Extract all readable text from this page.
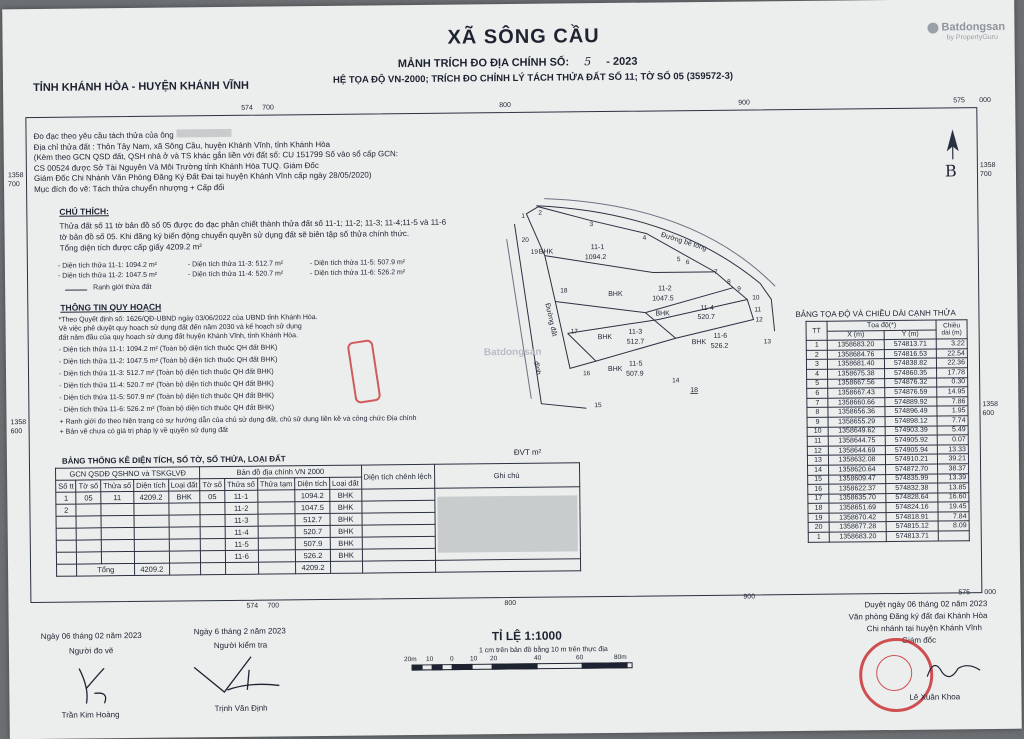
XÃ SÔNG CẦU
MẢNH TRÍCH ĐO ĐỊA CHÍNH SỐ: 5 - 2023
HỆ TỌA ĐỘ VN-2000; TRÍCH ĐO CHỈNH LÝ TÁCH THỬA ĐẤT SỐ 11; TỜ SỐ 05 (359572-3)
TỈNH KHÁNH HÒA - HUYỆN KHÁNH VĨNH
Batdongsan
by PropertyGuru
574 700	800	900	575 000
1358
700
1358
600
1358
700
1358
600
574 700	800
900
575 000
Đo đạc theo yêu cầu tách thửa của ông
Địa chỉ thửa đất : Thôn Tây Nam, xã Sông Cầu, huyện Khánh Vĩnh, tỉnh Khánh Hòa
(Kèm theo GCN QSD đất, QSH nhà ở và TS khác gắn liền với đất số: CU 151799 Số vào sổ cấp GCN:
CS 00524 được Sở Tài Nguyên Và Môi Trường tỉnh Khánh Hòa TUQ. Giám Đốc
Giám Đốc Chi Nhánh Văn Phòng Đăng Ký Đất Đai tại huyện Khánh Vĩnh cấp ngày 28/05/2020)
Mục đích đo vẽ: Tách thửa chuyển nhượng + Cấp đổi
CHÚ THÍCH:
Thửa đất số 11 tờ bản đồ số 05 được đo đạc phân chiết thành thửa đất số 11-1; 11-2; 11-3; 11-4;11-5 và 11-6
tờ bản đồ số 05. Khi đăng ký biến động chuyển quyền sử dụng đất sẽ biên tập số thửa chính thức.
Tổng diện tích được cấp giấy 4209.2 m²
- Diện tích thửa 11-1: 1094.2 m²	- Diện tích thửa 11-3: 512.7 m²	- Diện tích thửa 11-5: 507.9 m²
- Diện tích thửa 11-2: 1047.5 m²	- Diện tích thửa 11-4: 520.7 m²	- Diện tích thửa 11-6: 526.2 m²
Ranh giới thửa đất
THÔNG TIN QUY HOẠCH
*Theo Quyết định số: 1626/QĐ-UBND ngày 03/06/2022 của UBND tỉnh Khánh Hòa.
Về việc phê duyệt quy hoạch sử dụng đất đến năm 2030 và kế hoạch sử dụng
đất năm đầu của quy hoạch sử dụng đất huyện Khánh Vĩnh, tỉnh Khánh Hòa.
- Diện tích thửa 11-1: 1094.2 m² (Toàn bộ diện tích thuộc QH đất BHK)
- Diện tích thửa 11-2: 1047.5 m² (Toàn bộ diện tích thuộc QH đất BHK)
- Diện tích thửa 11-3: 512.7 m² (Toàn bộ diện tích thuộc QH đất BHK)
- Diện tích thửa 11-4: 520.7 m² (Toàn bộ diện tích thuộc QH đất BHK)
- Diện tích thửa 11-5: 507.9 m² (Toàn bộ diện tích thuộc QH đất BHK)
- Diện tích thửa 11-6: 526.2 m² (Toàn bộ diện tích thuộc QH đất BHK)
+ Ranh giới đo theo hiện trạng có sự hướng dẫn của chủ sử dụng đất, chủ sử dụng liền kề và công chức Địa chính
+ Bản vẽ chưa có giá trị pháp lý về quyền sử dụng đất
BẢNG THỐNG KÊ DIỆN TÍCH, SỐ TỜ, SỐ THỬA, LOẠI ĐẤT
ĐVT m²
GCN QSDĐ QSHNO và TSKGLVĐ					Bản đồ địa chính VN 2000					Diện tích chênh lệch	Ghi chú
Số tt	Tờ số	Thửa số	Diện tích	Loại đất	Tờ số	Thửa số	Thửa tạm	Diện tích	Loại đất		
1	05	11	4209.2	BHK	05	11-1		1094.2	BHK		

2						11-2		1047.5	BHK		
						11-3		512.7	BHK		
						11-4		520.7	BHK		
						11-5		507.9	BHK		
						11-6		526.2	BHK		
	Tổng		4209.2					4209.2			
B
BHK
11-1
1094.2
BHK
11-2
1047.5
BHK
11-3
512.7
BHK
11-4
520.7
BHK
11-5
507.9
BHK
11-6
526.2
Đường bê tông
Đường đất
đình
18
1 2
3
4
5 6
7
8
9
10
11
12
13
14
15
16
17
18
19
20
Batdongsan
BẢNG TỌA ĐỘ VÀ CHIỀU DÀI CẠNH THỬA
TT	Tọa độ(*)		Chiều dài (m)
	X (m)	Y (m)	
1	1358683.20	574813.71	3.22
2	1358684.76	574816.53	22.54
3	1358681.40	574838.82	22.36
4	1358675.38	574860.35	17.78
5	1358667.56	574876.32	0.30
6	1358667.43	574876.59	14.95
7	1358660.66	574889.92	7.86
8	1358656.36	574896.49	1.95
9	1358655.29	574898.12	7.74
10	1358649.62	574903.39	5.49
11	1358644.75	574905.92	0.07
12	1358644.69	574905.94	13.33
13	1358632.08	574910.21	39.21
14	1358620.64	574872.70	38.37
15	1358609.47	574835.99	13.39
16	1358622.37	574832.38	13.85
17	1358635.70	574828.64	16.60
18	1358651.69	574824.16	19.45
19	1358670.42	574818.91	7.84
20	1358677.28	574815.12	8.09
1	1358683.20	574813.71	
TỈ LỆ 1:1000
1 cm trên bản đồ bằng 10 m trên thực địa
20m 10	0	10 20	40	60	80m
Ngày 06 tháng 02 năm 2023
Người đo vẽ
Trần Kim Hoàng
Ngày 6 tháng 2 năm 2023
Người kiểm tra
Trịnh Văn Định
Duyệt ngày 06 tháng 02 năm 2023
Văn phòng Đăng ký đất đai Khánh Hòa
Chi nhánh tại huyện Khánh Vĩnh
Giám đốc
Lê Xuân Khoa
